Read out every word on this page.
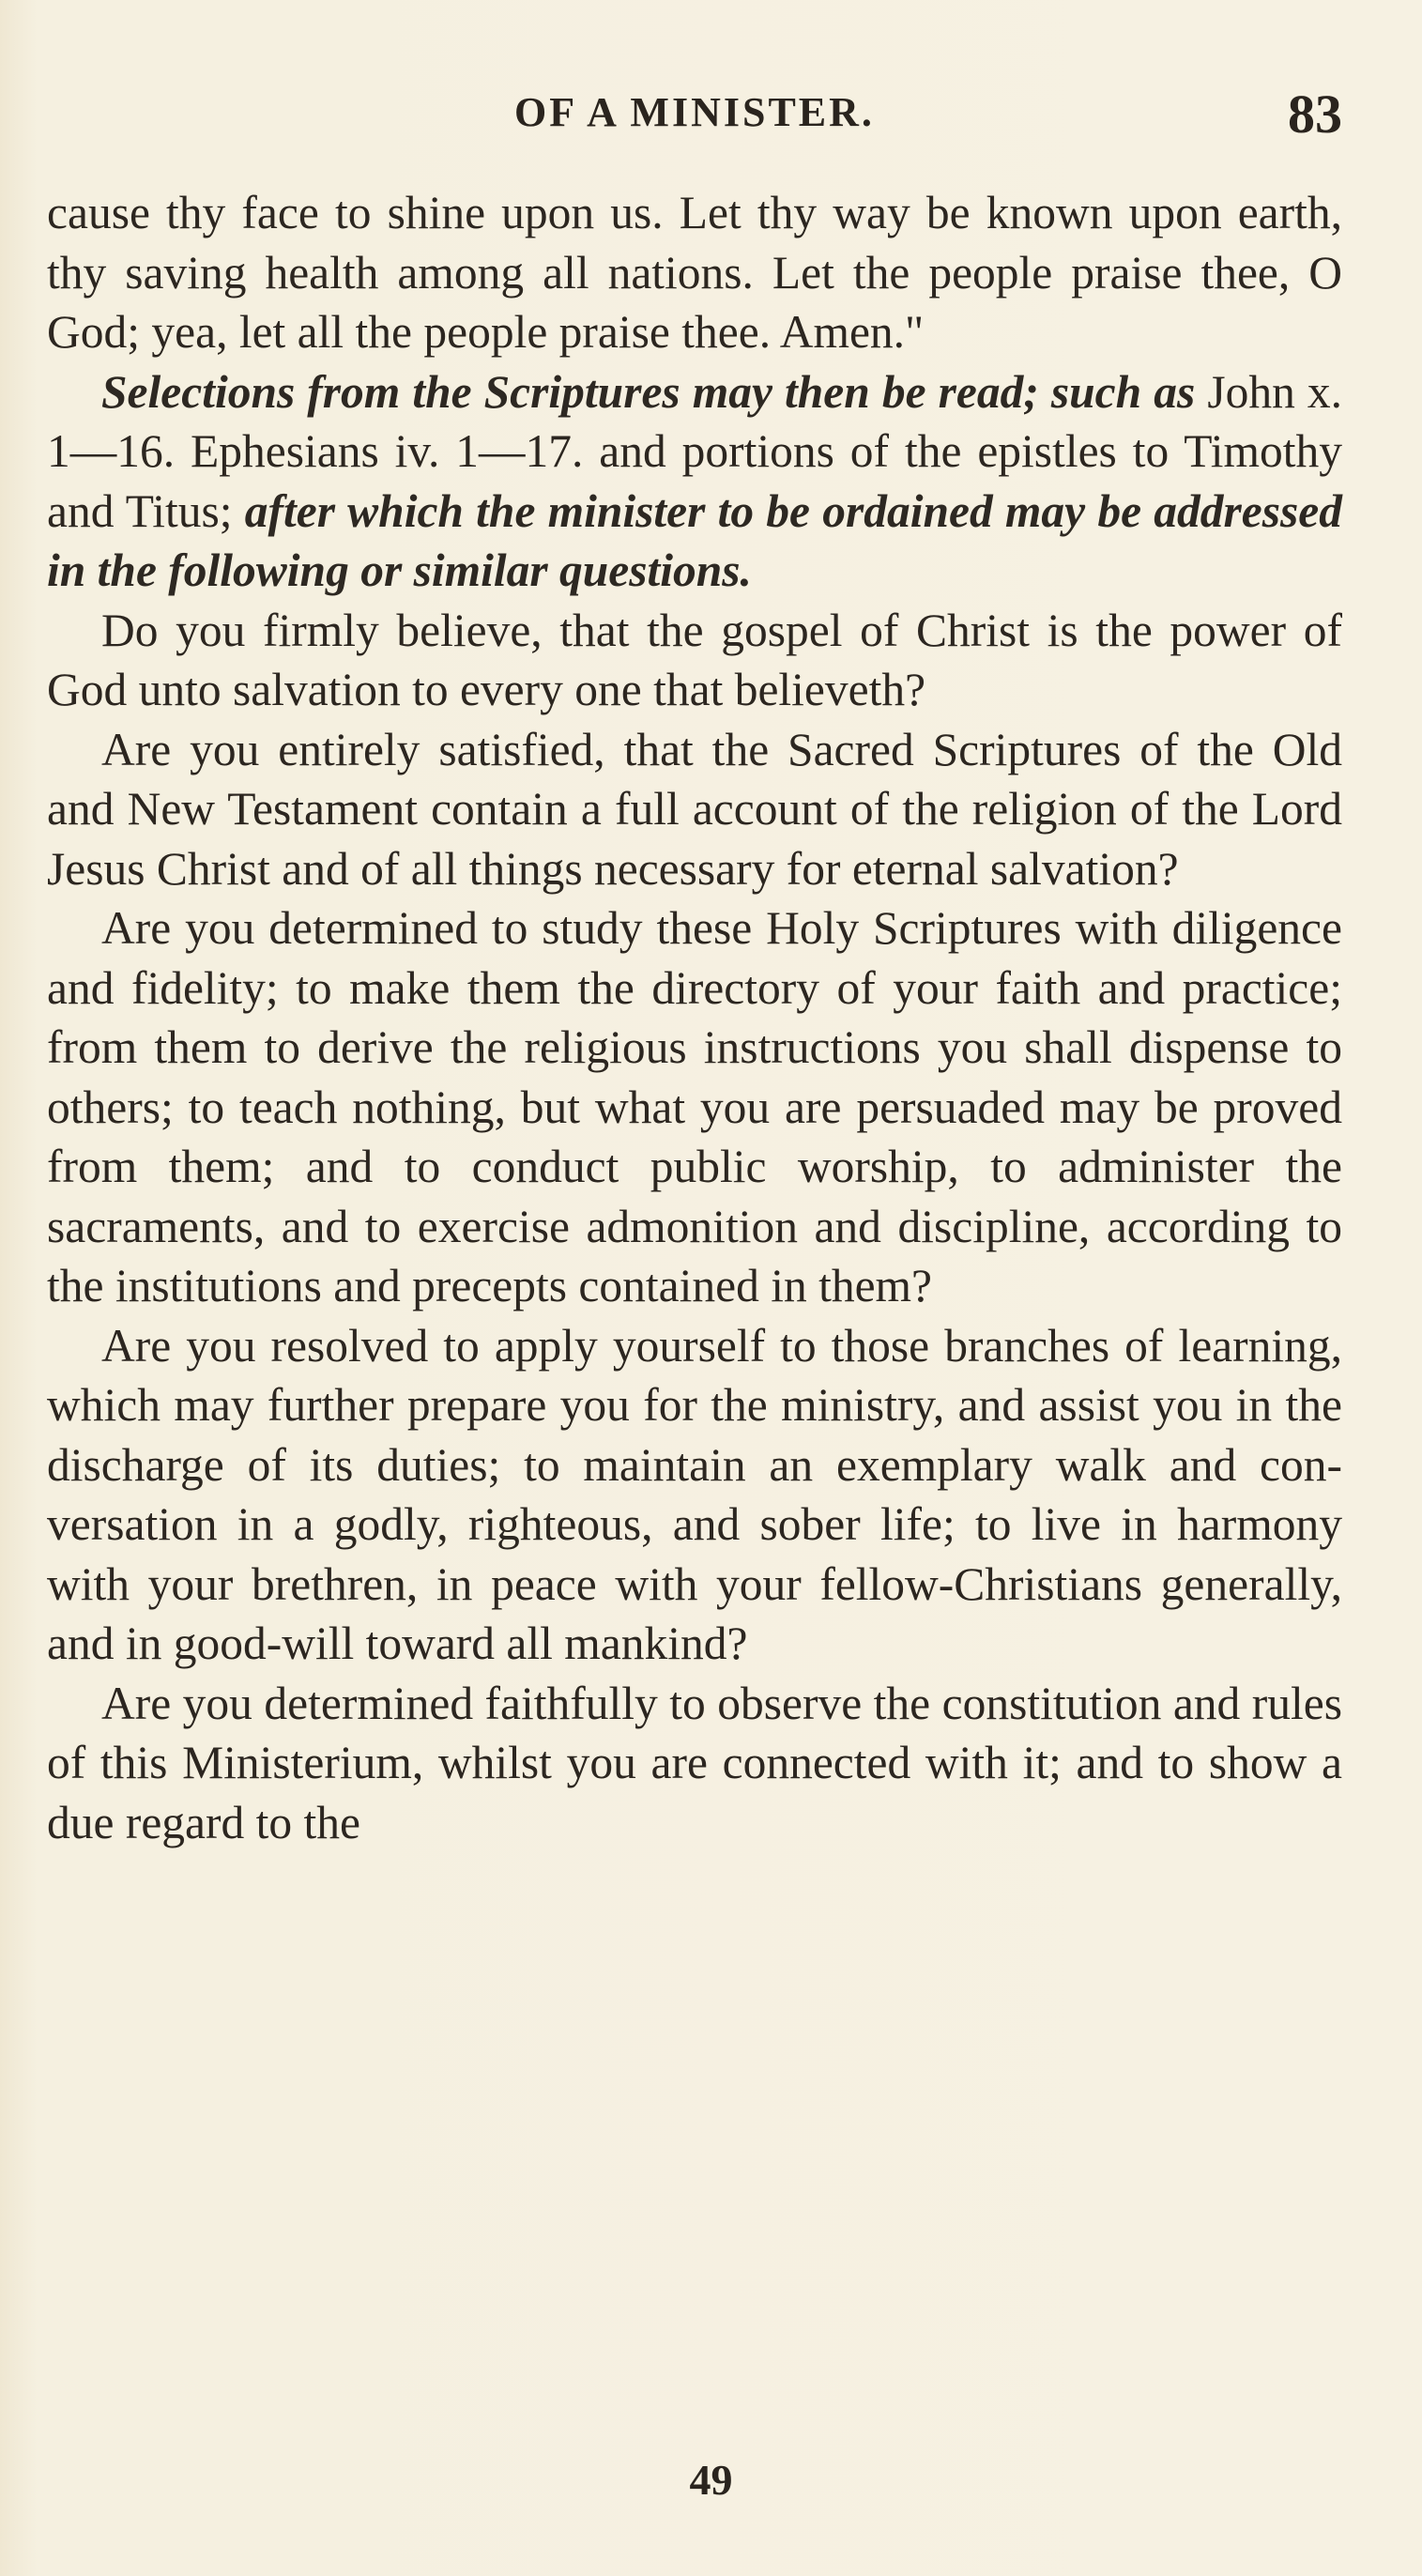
OF A MINISTER.	83

cause thy face to shine upon us. Let thy way be known upon earth, thy saving health among all nations. Let the people praise thee, O God; yea, let all the people praise thee. Amen."

Selections from the Scriptures may then be read; such as John x. 1—16. Ephesians iv. 1—17. and portions of the epistles to Timothy and Titus; after which the minister to be ordained may be addressed in the following or similar questions.

Do you firmly believe, that the gospel of Christ is the power of God unto salvation to every one that believeth?

Are you entirely satisfied, that the Sacred Scriptures of the Old and New Testament contain a full account of the religion of the Lord Jesus Christ and of all things necessary for eternal salvation?

Are you determined to study these Holy Scriptures with diligence and fidelity; to make them the directory of your faith and practice; from them to derive the religious instructions you shall dispense to others; to teach nothing, but what you are persuaded may be proved from them; and to conduct public worship, to administer the sacraments, and to exercise admonition and discipline, according to the institutions and precepts contained in them?

Are you resolved to apply yourself to those branches of learning, which may further prepare you for the ministry, and assist you in the discharge of its duties; to maintain an exemplary walk and conversation in a godly, righteous, and sober life; to live in harmony with your brethren, in peace with your fellow-Christians generally, and in good-will toward all mankind?

Are you determined faithfully to observe the constitution and rules of this Ministerium, whilst you are connected with it; and to show a due regard to the

49
